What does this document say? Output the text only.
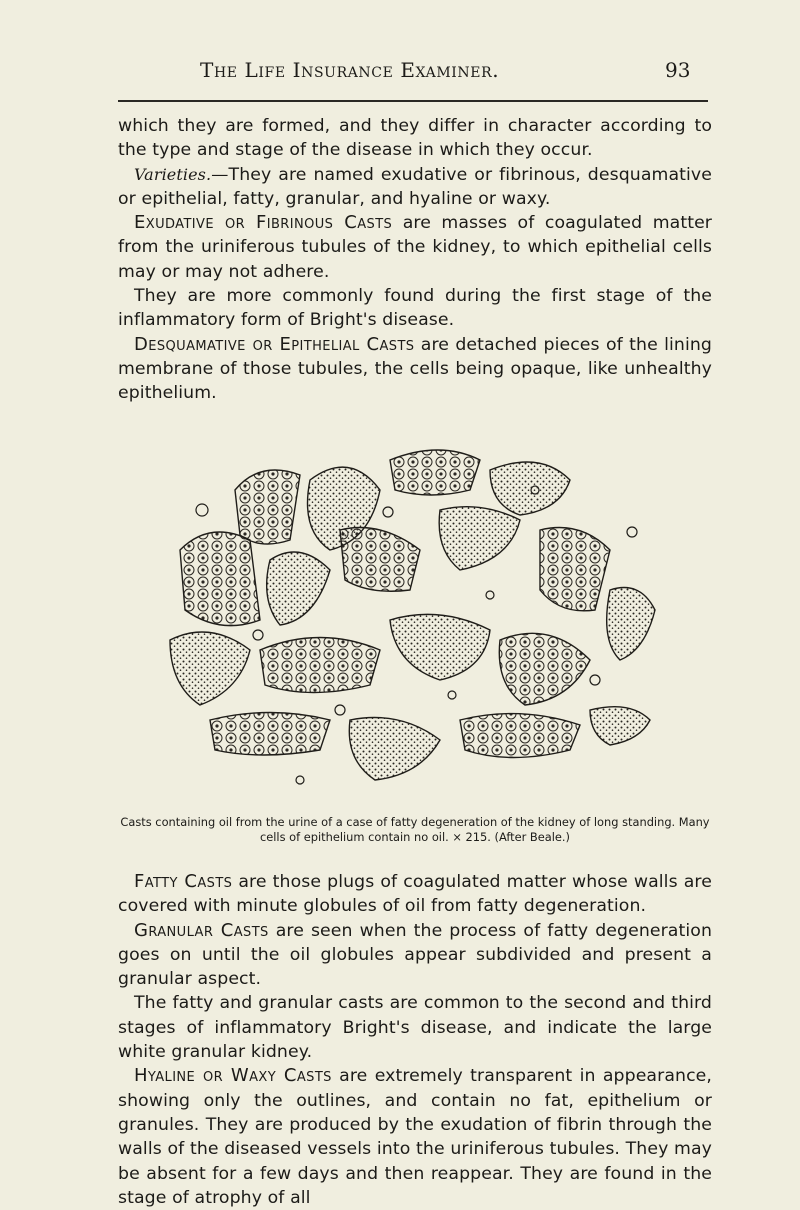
The Life Insurance Examiner.	93

which they are formed, and they differ in character according to the type and stage of the disease in which they occur.

Varieties.—They are named exudative or fibrinous, desquamative or epithelial, fatty, granular, and hyaline or waxy.

Exudative or Fibrinous Casts are masses of coagulated matter from the uriniferous tubules of the kidney, to which epithelial cells may or may not adhere.

They are more commonly found during the first stage of the inflammatory form of Bright's disease.

Desquamative or Epithelial Casts are detached pieces of the lining membrane of those tubules, the cells being opaque, like unhealthy epithelium.

Casts containing oil from the urine of a case of fatty degeneration of the kidney of long standing. Many cells of epithelium contain no oil. × 215. (After Beale.)

Fatty Casts are those plugs of coagulated matter whose walls are covered with minute globules of oil from fatty degeneration.

Granular Casts are seen when the process of fatty degeneration goes on until the oil globules appear subdivided and present a granular aspect.

The fatty and granular casts are common to the second and third stages of inflammatory Bright's disease, and indicate the large white granular kidney.

Hyaline or Waxy Casts are extremely transparent in appearance, showing only the outlines, and contain no fat, epithelium or granules. They are produced by the exudation of fibrin through the walls of the diseased vessels into the uriniferous tubules. They may be absent for a few days and then reappear. They are found in the stage of atrophy of all
